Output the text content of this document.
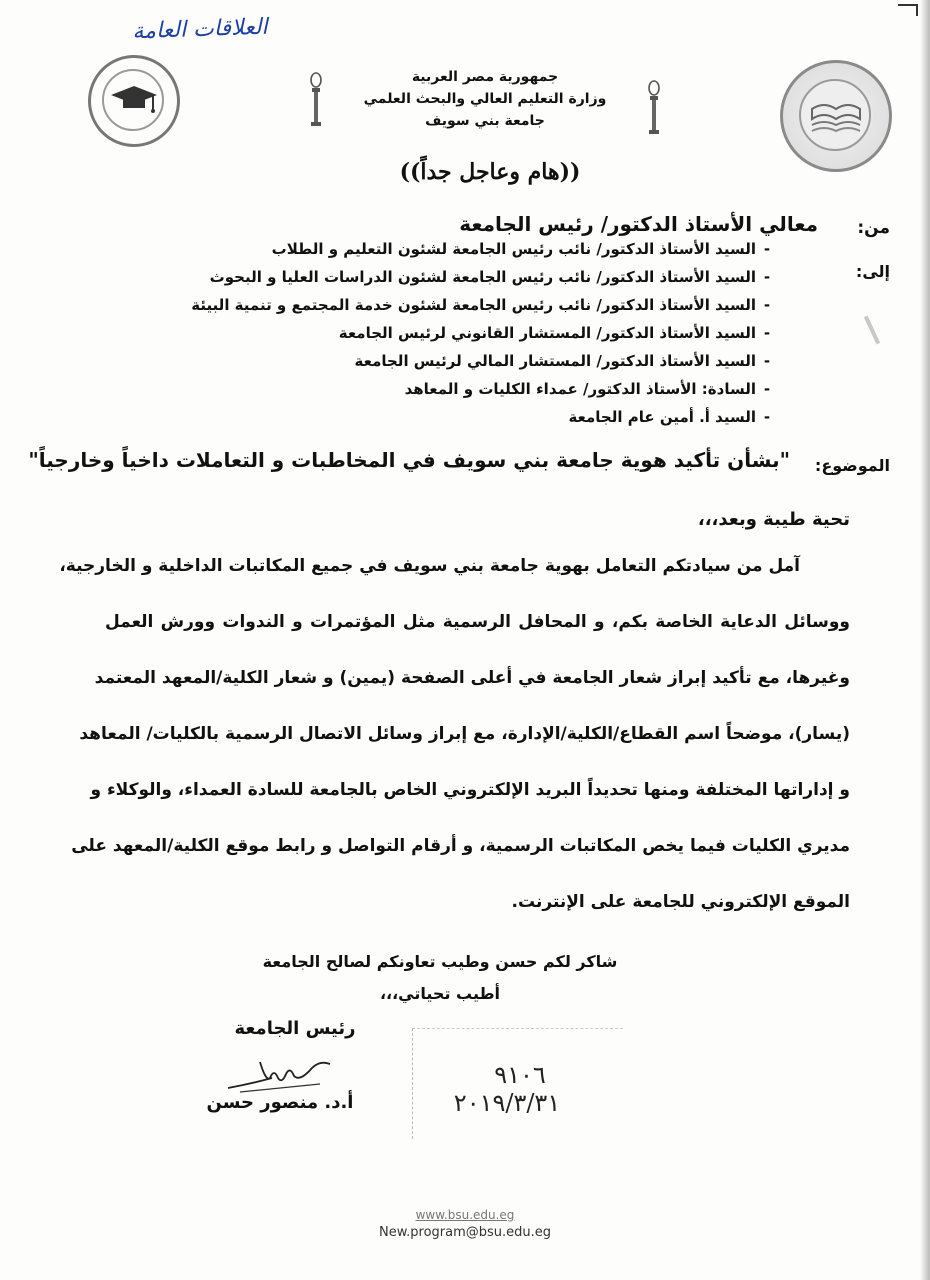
العلاقات العامة
جمهورية مصر العربية
وزارة التعليم العالي والبحث العلمي
جامعة بني سويف
((هام وعاجل جداً))
من:
معالي الأستاذ الدكتور/ رئيس الجامعة
إلى:
-السيد الأستاذ الدكتور/ نائب رئيس الجامعة لشئون التعليم و الطلاب
-السيد الأستاذ الدكتور/ نائب رئيس الجامعة لشئون الدراسات العليا و البحوث
-السيد الأستاذ الدكتور/ نائب رئيس الجامعة لشئون خدمة المجتمع و تنمية البيئة
-السيد الأستاذ الدكتور/ المستشار القانوني لرئيس الجامعة
-السيد الأستاذ الدكتور/ المستشار المالي لرئيس الجامعة
-السادة: الأستاذ الدكتور/ عمداء الكليات و المعاهد
-السيد أ. أمين عام الجامعة
الموضوع:
"بشأن تأكيد هوية جامعة بني سويف في المخاطبات و التعاملات داخياً وخارجياً"
تحية طيبة وبعد،،،
آمل من سيادتكم التعامل بهوية جامعة بني سويف في جميع المكاتبات الداخلية و الخارجية،
ووسائل الدعاية الخاصة بكم، و المحافل الرسمية مثل المؤتمرات و الندوات وورش العمل
وغيرها، مع تأكيد إبراز شعار الجامعة في أعلى الصفحة (يمين) و شعار الكلية/المعهد المعتمد
(يسار)، موضحاً اسم القطاع/الكلية/الإدارة، مع إبراز وسائل الاتصال الرسمية بالكليات/ المعاهد
و إداراتها المختلفة ومنها تحديداً البريد الإلكتروني الخاص بالجامعة للسادة العمداء، والوكلاء و
مديري الكليات فيما يخص المكاتبات الرسمية، و أرقام التواصل و رابط موقع الكلية/المعهد على
الموقع الإلكتروني للجامعة على الإنترنت.
شاكر لكم حسن وطيب تعاونكم لصالح الجامعة
أطيب تحياتي،،،
رئيس الجامعة
أ.د. منصور حسن
٩١٠٦
٢٠١٩/٣/٣١
www.bsu.edu.eg
New.program@bsu.edu.eg
